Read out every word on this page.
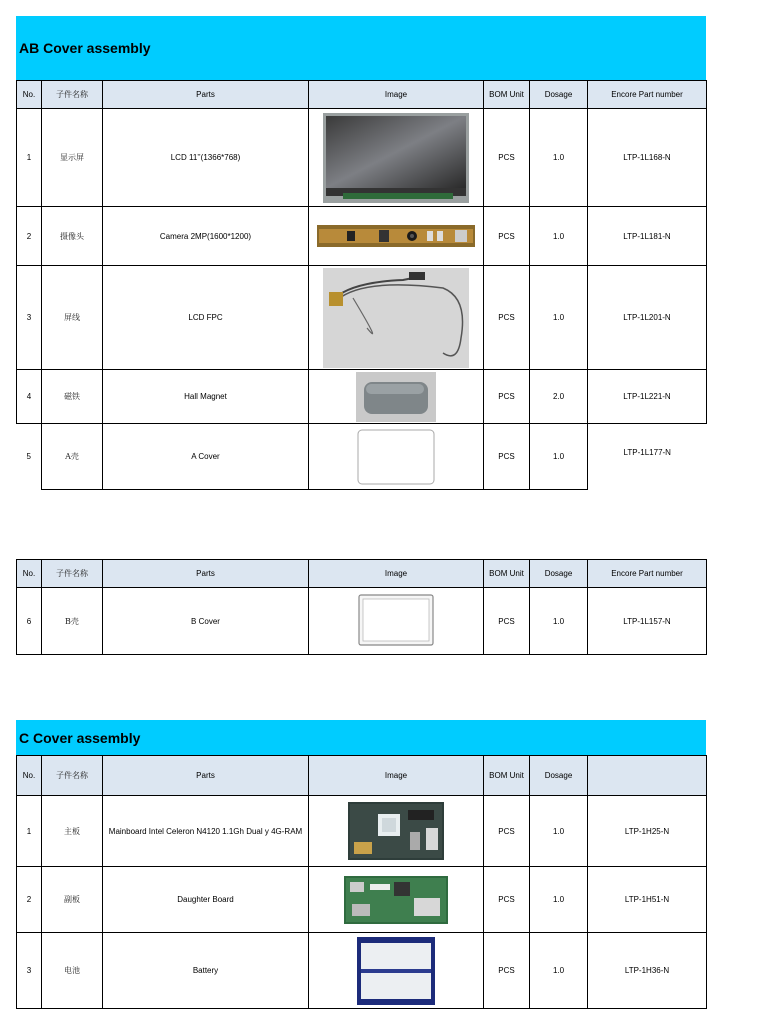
AB Cover assembly
No.	子件名称	Parts	Image	BOM Unit	Dosage	Encore Part number
1	显示屏	LCD 11’’(1366*768)		PCS	1.0	LTP-1L168-N
2	摄像头	Camera 2MP(1600*1200)		PCS	1.0	LTP-1L181-N
3	屏线	LCD FPC		PCS	1.0	LTP-1L201-N
4	磁铁	Hall Magnet		PCS	2.0	LTP-1L221-N
5	A壳	A Cover		PCS	1.0	LTP-1L177-N
No.	子件名称	Parts	Image	BOM Unit	Dosage	Encore Part number
6	B壳	B Cover		PCS	1.0	LTP-1L157-N
C Cover assembly
No.	子件名称	Parts	Image	BOM Unit	Dosage	
1	主板	Mainboard Intel Celeron N4120 1.1Gh Dual y 4G-RAM		PCS	1.0	LTP-1H25-N
2	副板	Daughter Board		PCS	1.0	LTP-1H51-N
3	电池	Battery		PCS	1.0	LTP-1H36-N
